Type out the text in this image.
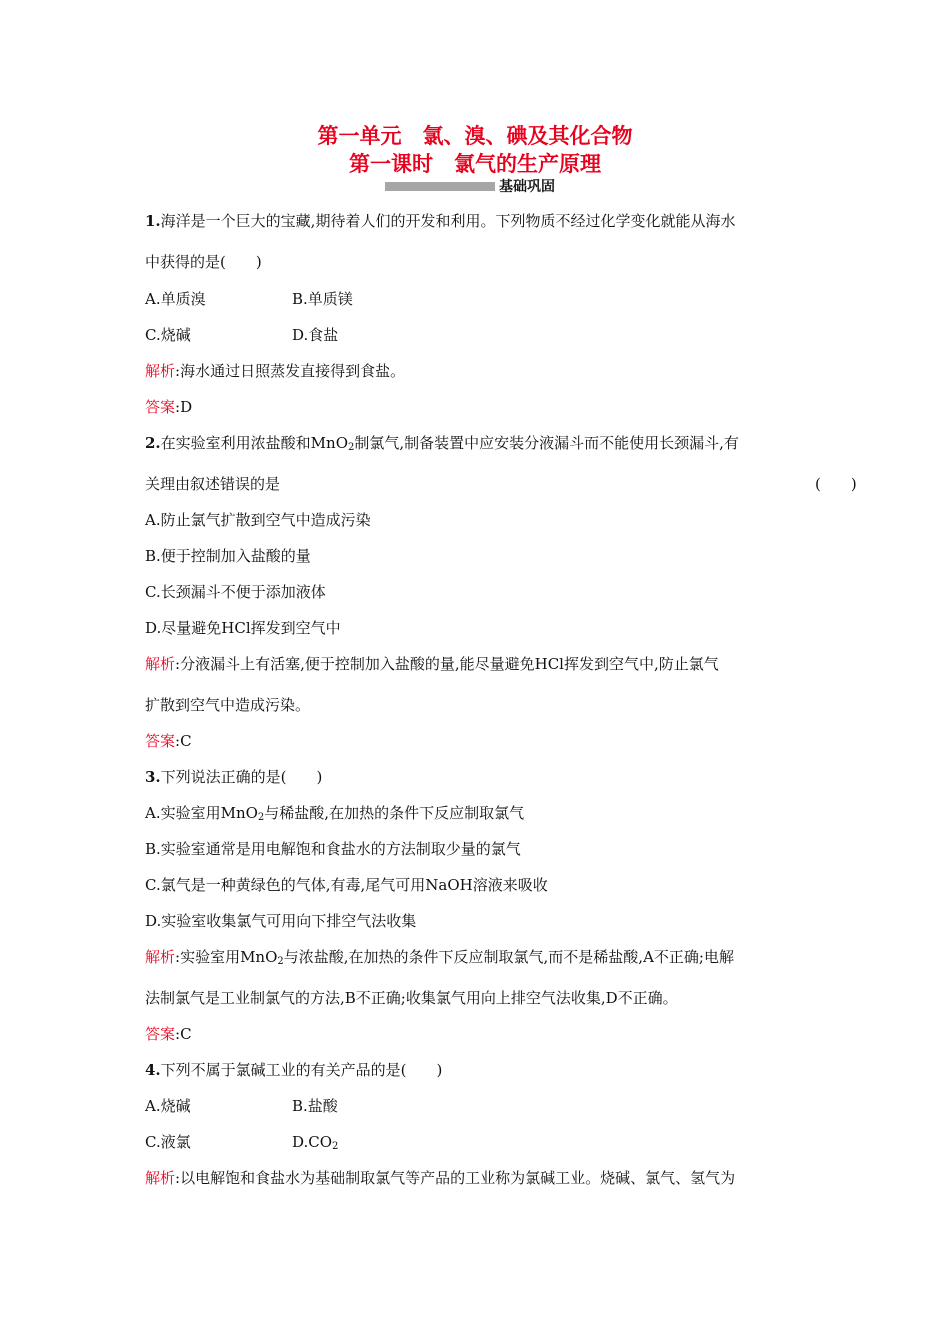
第一单元　氯、溴、碘及其化合物
第一课时　氯气的生产原理
基础巩固
1.海洋是一个巨大的宝藏,期待着人们的开发和利用。下列物质不经过化学变化就能从海水
中获得的是(　　)
A.单质溴	B.单质镁
C.烧碱	D.食盐
解析:海水通过日照蒸发直接得到食盐。
答案:D
2.在实验室利用浓盐酸和MnO$_2$制氯气,制备装置中应安装分液漏斗而不能使用长颈漏斗,有
关理由叙述错误的是	(　　)
A.防止氯气扩散到空气中造成污染
B.便于控制加入盐酸的量
C.长颈漏斗不便于添加液体
D.尽量避免HCl挥发到空气中
解析:分液漏斗上有活塞,便于控制加入盐酸的量,能尽量避免HCl挥发到空气中,防止氯气
扩散到空气中造成污染。
答案:C
3.下列说法正确的是(　　)
A.实验室用MnO$_2$与稀盐酸,在加热的条件下反应制取氯气
B.实验室通常是用电解饱和食盐水的方法制取少量的氯气
C.氯气是一种黄绿色的气体,有毒,尾气可用NaOH溶液来吸收
D.实验室收集氯气可用向下排空气法收集
解析:实验室用MnO$_2$与浓盐酸,在加热的条件下反应制取氯气,而不是稀盐酸,A不正确;电解
法制氯气是工业制氯气的方法,B不正确;收集氯气用向上排空气法收集,D不正确。
答案:C
4.下列不属于氯碱工业的有关产品的是(　　)
A.烧碱	B.盐酸
C.液氯	$D.CO_2$
解析:以电解饱和食盐水为基础制取氯气等产品的工业称为氯碱工业。烧碱、氯气、氢气为
